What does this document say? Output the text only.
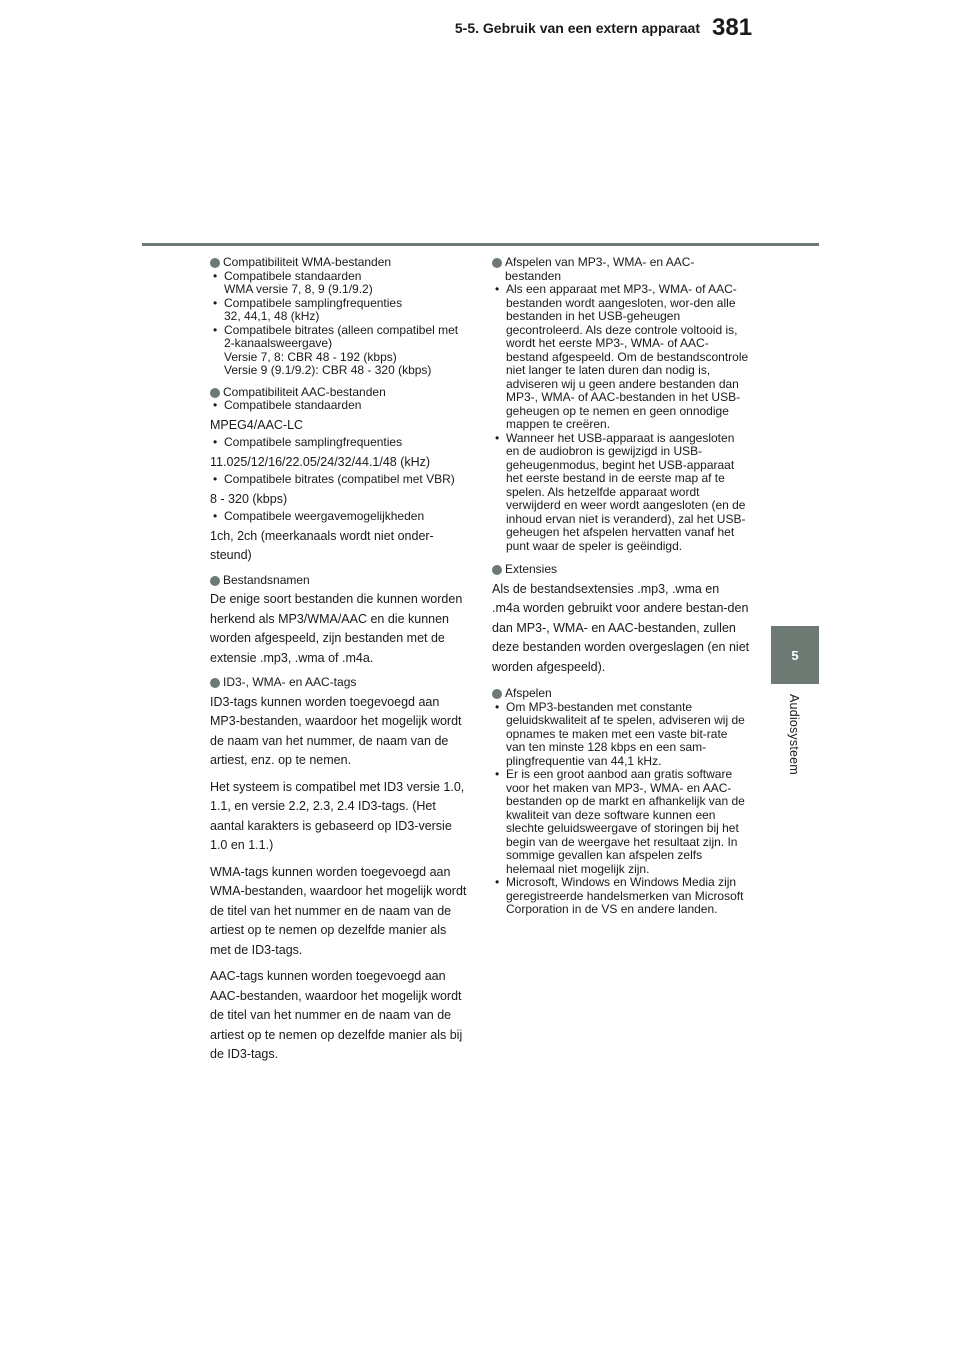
5-5. Gebruik van een extern apparaat 381
5
Audiosysteem
Compatibiliteit WMA-bestanden
• Compatibele standaarden
WMA versie 7, 8, 9 (9.1/9.2)
• Compatibele samplingfrequenties
32, 44,1, 48 (kHz)
• Compatibele bitrates (alleen compatibel met 2-kanaalsweergave)
Versie 7, 8: CBR 48 - 192 (kbps)
Versie 9 (9.1/9.2): CBR 48 - 320 (kbps)
Compatibiliteit AAC-bestanden
• Compatibele standaarden

MPEG4/AAC-LC

• Compatibele samplingfrequenties

11.025/12/16/22.05/24/32/44.1/48 (kHz)

• Compatibele bitrates (compatibel met VBR)

8 - 320 (kbps)

• Compatibele weergavemogelijkheden

1ch, 2ch (meerkanaals wordt niet onder-steund)

Bestandsnamen

De enige soort bestanden die kunnen worden herkend als MP3/WMA/AAC en die kunnen worden afgespeeld, zijn bestanden met de extensie .mp3, .wma of .m4a.

ID3-, WMA- en AAC-tags

ID3-tags kunnen worden toegevoegd aan MP3-bestanden, waardoor het mogelijk wordt de naam van het nummer, de naam van de artiest, enz. op te nemen.

Het systeem is compatibel met ID3 versie 1.0, 1.1, en versie 2.2, 2.3, 2.4 ID3-tags. (Het aantal karakters is gebaseerd op ID3-versie 1.0 en 1.1.)

WMA-tags kunnen worden toegevoegd aan WMA-bestanden, waardoor het mogelijk wordt de titel van het nummer en de naam van de artiest op te nemen op dezelfde manier als met de ID3-tags.

AAC-tags kunnen worden toegevoegd aan AAC-bestanden, waardoor het mogelijk wordt de titel van het nummer en de naam van de artiest op te nemen op dezelfde manier als bij de ID3-tags.

Afspelen van MP3-, WMA- en AAC-bestanden
• Als een apparaat met MP3-, WMA- of AAC-bestanden wordt aangesloten, wor-den alle bestanden in het USB-geheugen gecontroleerd. Als deze controle voltooid is, wordt het eerste MP3-, WMA- of AAC-bestand afgespeeld. Om de bestandscontrole niet langer te laten duren dan nodig is, adviseren wij u geen andere bestanden dan MP3-, WMA- of AAC-bestanden in het USB-geheugen op te nemen en geen onnodige mappen te creëren.
• Wanneer het USB-apparaat is aangesloten en de audiobron is gewijzigd in USB-geheugenmodus, begint het USB-apparaat het eerste bestand in de eerste map af te spelen. Als hetzelfde apparaat wordt verwijderd en weer wordt aangesloten (en de inhoud ervan niet is veranderd), zal het USB-geheugen het afspelen hervatten vanaf het punt waar de speler is geëindigd.
Extensies

Als de bestandsextensies .mp3, .wma en .m4a worden gebruikt voor andere bestan-den dan MP3-, WMA- en AAC-bestanden, zullen deze bestanden worden overgeslagen (en niet worden afgespeeld).

Afspelen
• Om MP3-bestanden met constante geluidskwaliteit af te spelen, adviseren wij de opnames te maken met een vaste bit-rate van ten minste 128 kbps en een sam-plingfrequentie van 44,1 kHz.
• Er is een groot aanbod aan gratis software voor het maken van MP3-, WMA- en AAC-bestanden op de markt en afhankelijk van de kwaliteit van deze software kunnen een slechte geluidsweergave of storingen bij het begin van de weergave het resultaat zijn. In sommige gevallen kan afspelen zelfs helemaal niet mogelijk zijn.
• Microsoft, Windows en Windows Media zijn geregistreerde handelsmerken van Microsoft Corporation in de VS en andere landen.
